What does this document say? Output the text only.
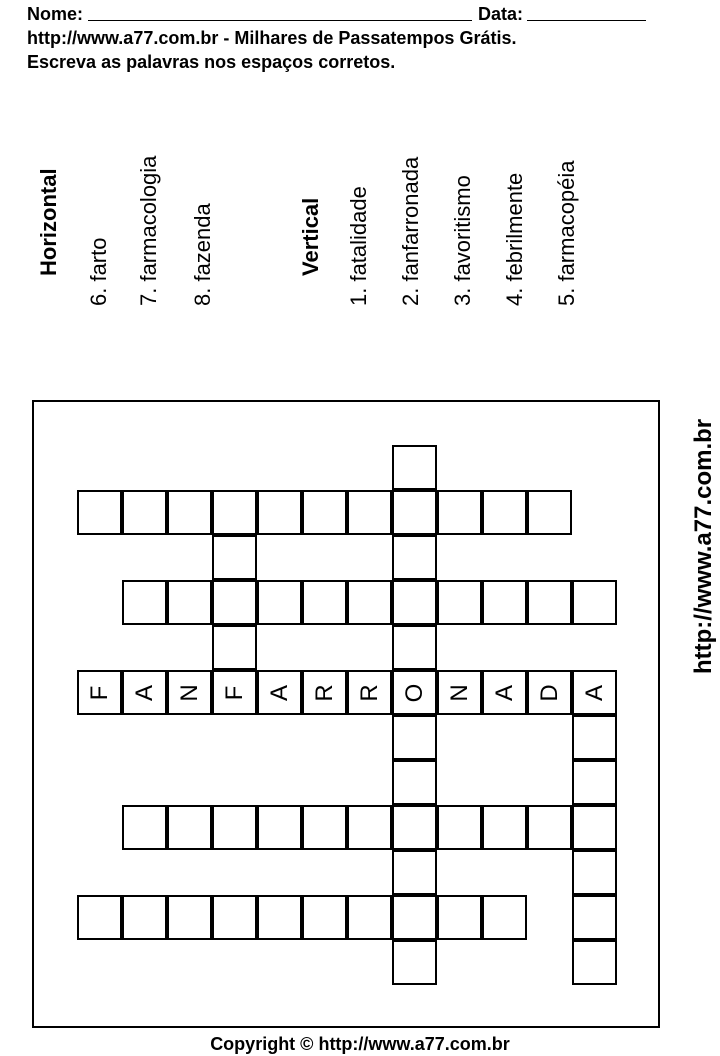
Nome:	Data:
http://www.a77.com.br - Milhares de Passatempos Grátis.
Escreva as palavras nos espaços corretos.
Horizontal 6. farto 7. farmacologia 8. fazenda	Vertical 1. fatalidade 2. fanfarronada 3. favoritismo 4. febrilmente 5. farmacopéia
F A N F A R R O N A D A
http://www.a77.com.br
Copyright © http://www.a77.com.br
